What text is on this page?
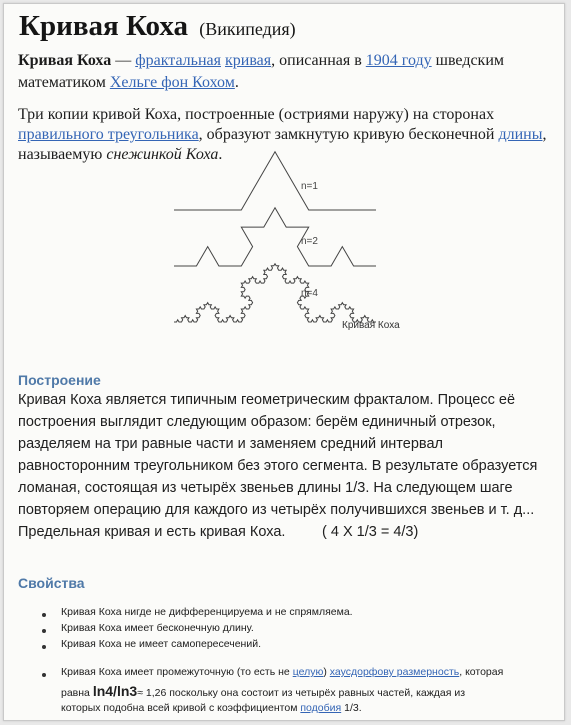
Кривая Коха (Википедия)
Кривая Коха — фрактальная кривая, описанная в 1904 году шведским
математиком Хельге фон Кохом.
Три копии кривой Коха, построенные (остриями наружу) на сторонах
правильного треугольника, образуют замкнутую кривую бесконечной длины,
называемую снежинкой Коха.
n=1
n=2
n=4
Кривая Коха
Построение
Кривая Коха является типичным геометрическим фракталом. Процесс её
построения выглядит следующим образом: берём единичный отрезок,
разделяем на три равные части и заменяем средний интервал
равносторонним треугольником без этого сегмента. В результате образуется
ломаная, состоящая из четырёх звеньев длины 1/3. На следующем шаге
повторяем операцию для каждого из четырёх получившихся звеньев и т. д...
Предельная кривая и есть кривая Коха.	( 4 X 1/3 = 4/3)
Свойства
Кривая Коха нигде не дифференцируема и не спрямляема.
Кривая Коха имеет бесконечную длину.
Кривая Коха не имеет самопересечений.
Кривая Коха имеет промежуточную (то есть не целую) хаусдорфову размерность, которая
равна ln4/ln3≈ 1,26 поскольку она состоит из четырёх равных частей, каждая из
которых подобна всей кривой с коэффициентом подобия 1/3.
